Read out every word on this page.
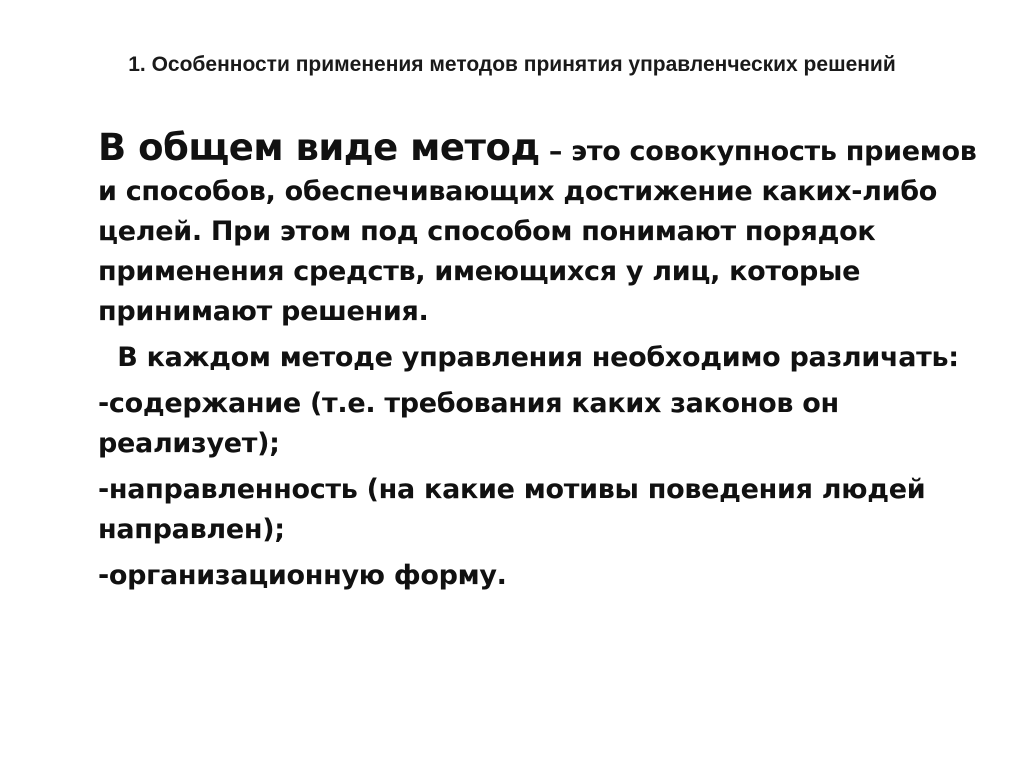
1. Особенности применения методов принятия управленческих решений

В общем виде метод – это совокупность приемов и способов, обеспечивающих достижение каких-либо целей. При этом под способом понимают порядок применения средств, имеющихся у лиц, которые принимают решения.

В каждом методе управления необходимо различать:

-содержание (т.е. требования каких законов он реализует);

-направленность (на какие мотивы поведения людей направлен);

-организационную форму.
